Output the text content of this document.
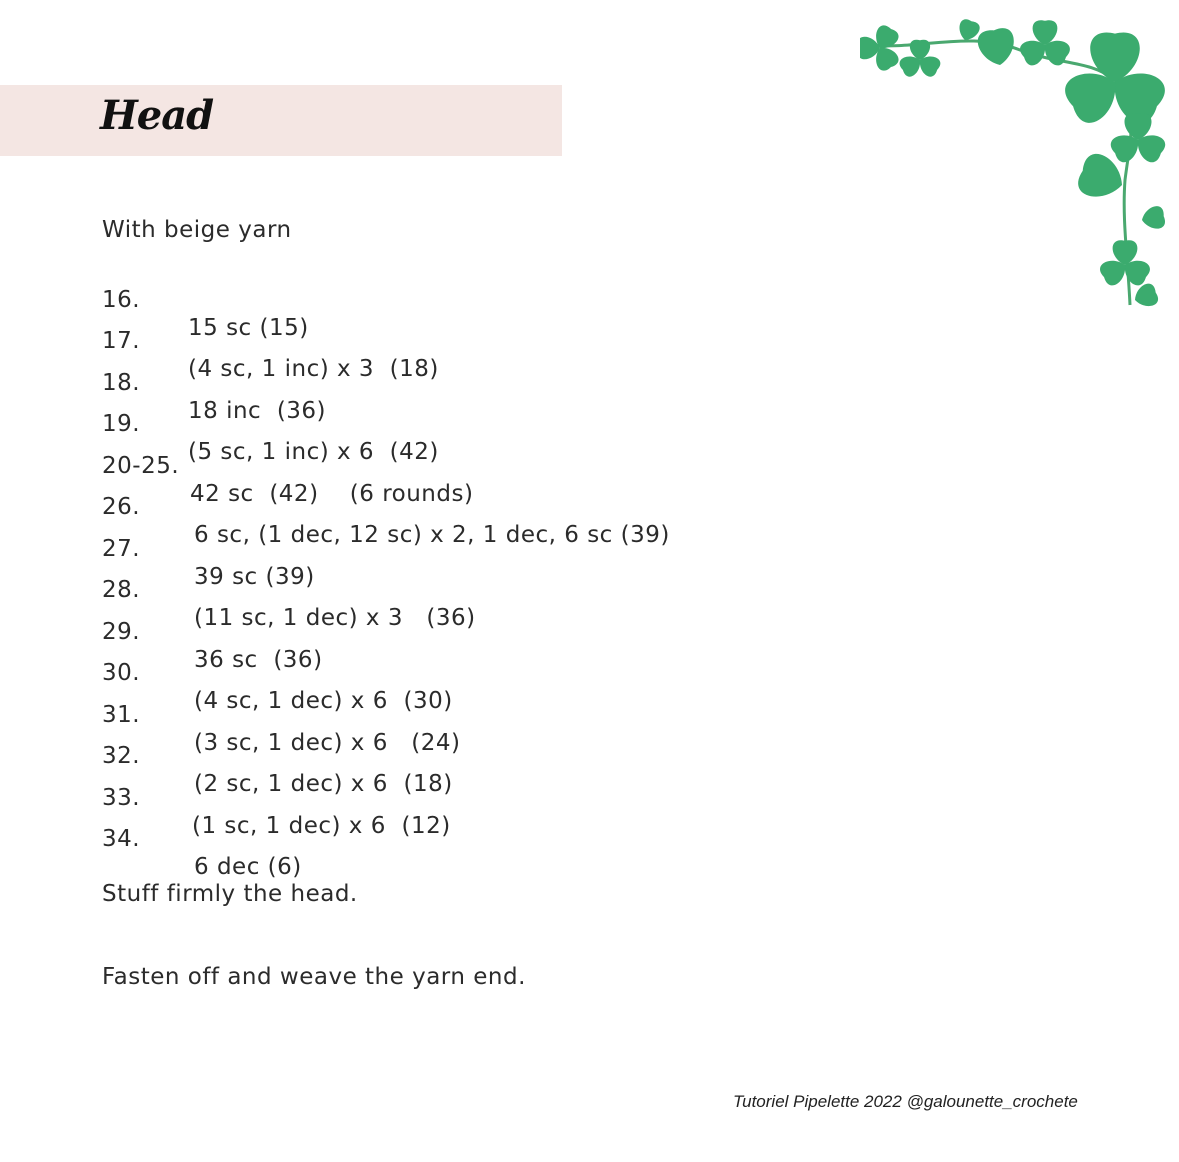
Head
With beige yarn

16.

15 sc (15)

17.

(4 sc, 1 inc) x 3  (18)

18.

18 inc  (36)

19.

(5 sc, 1 inc) x 6  (42)

20-25.

42 sc  (42)    (6 rounds)

26.

6 sc, (1 dec, 12 sc) x 2, 1 dec, 6 sc (39)

27.

39 sc (39)

28.

(11 sc, 1 dec) x 3   (36)

29.

36 sc  (36)

30.

(4 sc, 1 dec) x 6  (30)

31.

(3 sc, 1 dec) x 6   (24)

32.

(2 sc, 1 dec) x 6  (18)

33.

(1 sc, 1 dec) x 6  (12)

34.

6 dec (6)

Stuff firmly the head.
Fasten off and weave the yarn end.
Tutoriel Pipelette 2022 @galounette_crochete
